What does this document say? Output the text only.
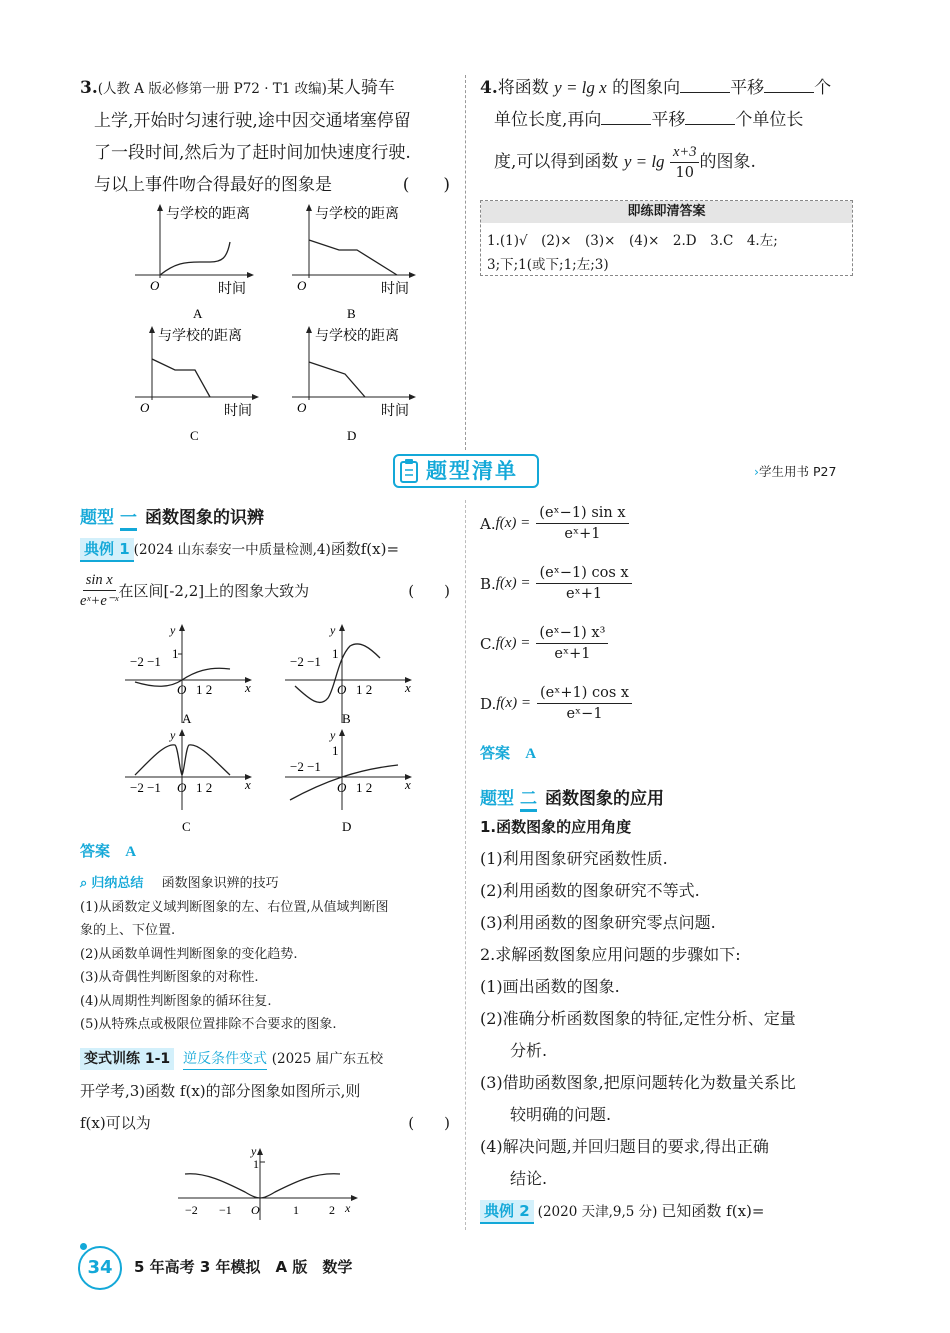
3.(人教 A 版必修第一册 P72 · T1 改编)某人骑车
上学,开始时匀速行驶,途中因交通堵塞停留
了一段时间,然后为了赶时间加快速度行驶.
与以上事件吻合得最好的图象是	(　　)
O
与学校的距离
时间
A
O
与学校的距离
时间
B
O
与学校的距离
时间
C
O
与学校的距离
时间
D
4.将函数 y = lg x 的图象向	平移	个
单位长度,再向	平移	个单位长
度,可以得到函数 $y = \lg \frac{x+3}{10}$ 的图象.
即练即清答案
1.(1)√　(2)×　(3)×　(4)×　2.D　3.C　4.左;
3;下;1(或下;1;左;3)
题型清单	›学生用书 P27
题型 一 函数图象的识辨
典例 1 (2024 山东泰安一中质量检测,4)函数f(x)=
$\frac{\text{sin x}}{\text{eˣ+e⁻ˣ}}$ 在区间[-2,2]上的图象大致为	(　　)
−2 −1
1
O 1 2	x
y
A
−2 −1
1
O 1 2	x
y
B
−2 −1 O 1 2	x
y
C
−2 −1
1
O 1 2	x
y
D
答案 A
⌕ 归纳总结 函数图象识辨的技巧
(1)从函数定义域判断图象的左、右位置,从值域判断图
象的上、下位置.
(2)从函数单调性判断图象的变化趋势.
(3)从奇偶性判断图象的对称性.
(4)从周期性判断图象的循环往复.
(5)从特殊点或极限位置排除不合要求的图象.
变式训练 1-1 逆反条件变式 (2025 届广东五校
开学考,3)函数 f(x)的部分图象如图所示,则
f(x)可以为	(　　)
1
y
−2 −1 O	1	2 x
A. $f(x) = \frac{\text{(eˣ−1) sin x}}{\text{eˣ+1}}$
B. $f(x) = \frac{\text{(eˣ−1) cos x}}{\text{eˣ+1}}$
C. $f(x) = \frac{\text{(eˣ−1) x³}}{\text{eˣ+1}}$
D. $f(x) = \frac{\text{(eˣ+1) cos x}}{\text{eˣ−1}}$
答案 A
题型 二 函数图象的应用
1.函数图象的应用角度
(1)利用图象研究函数性质.
(2)利用函数的图象研究不等式.
(3)利用函数的图象研究零点问题.
2.求解函数图象应用问题的步骤如下:
(1)画出函数的图象.
(2)准确分析函数图象的特征,定性分析、定量
分析.
(3)借助函数图象,把原问题转化为数量关系比
较明确的问题.
(4)解决问题,并回归题目的要求,得出正确
结论.
典例 2 (2020 天津,9,5 分) 已知函数 f(x)=
34	5 年高考 3 年模拟　A 版　数学
